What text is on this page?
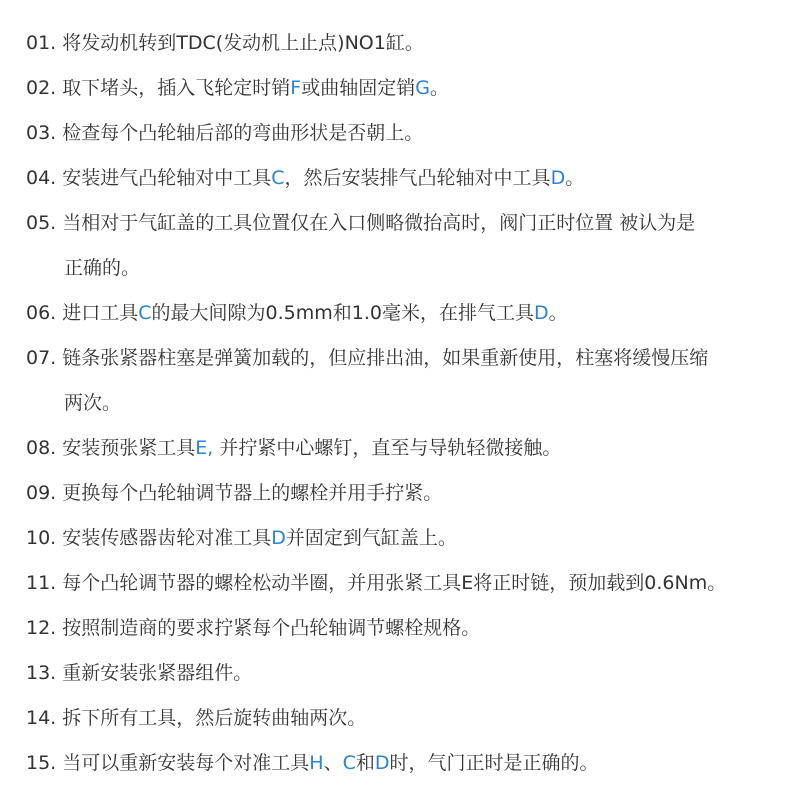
01. 将发动机转到TDC(发动机上止点)NO1缸。
02. 取下堵头，插入飞轮定时销F或曲轴固定销G。
03. 检查每个凸轮轴后部的弯曲形状是否朝上。
04. 安装进气凸轮轴对中工具C，然后安装排气凸轮轴对中工具D。
05. 当相对于气缸盖的工具位置仅在入口侧略微抬高时，阀门正时位置 被认为是
正确的。
06. 进口工具C的最大间隙为0.5mm和1.0毫米，在排气工具D。
07. 链条张紧器柱塞是弹簧加载的，但应排出油，如果重新使用，柱塞将缓慢压缩
两次。
08. 安装预张紧工具E, 并拧紧中心螺钉，直至与导轨轻微接触。
09. 更换每个凸轮轴调节器上的螺栓并用手拧紧。
10. 安装传感器齿轮对准工具D并固定到气缸盖上。
11. 每个凸轮调节器的螺栓松动半圈，并用张紧工具E将正时链，预加载到0.6Nm。
12. 按照制造商的要求拧紧每个凸轮轴调节螺栓规格。
13. 重新安装张紧器组件。
14. 拆下所有工具，然后旋转曲轴两次。
15. 当可以重新安装每个对准工具H、C和D时，气门正时是正确的。
